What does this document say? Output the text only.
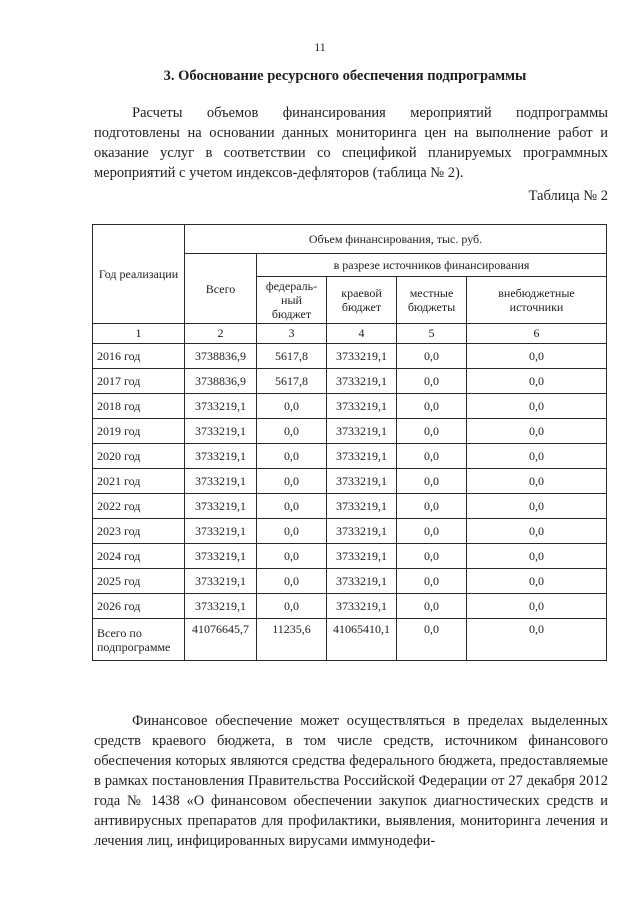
11
3. Обоснование ресурсного обеспечения подпрограммы

Расчеты объемов финансирования мероприятий подпрограммы подготовлены на основании данных мониторинга цен на выполнение работ и оказание услуг в соответствии со спецификой планируемых программных мероприятий с учетом индексов-дефляторов (таблица № 2).

Таблица № 2
Год реализации	Объем финансирования, тыс. руб.				
	Всего	в разрезе источников финансирования			
		федераль-ный бюджет	краевой бюджет	местные бюджеты	внебюджетные источники
1	2	3	4	5	6
2016 год	3738836,9	5617,8	3733219,1	0,0	0,0
2017 год	3738836,9	5617,8	3733219,1	0,0	0,0
2018 год	3733219,1	0,0	3733219,1	0,0	0,0
2019 год	3733219,1	0,0	3733219,1	0,0	0,0
2020 год	3733219,1	0,0	3733219,1	0,0	0,0
2021 год	3733219,1	0,0	3733219,1	0,0	0,0
2022 год	3733219,1	0,0	3733219,1	0,0	0,0
2023 год	3733219,1	0,0	3733219,1	0,0	0,0
2024 год	3733219,1	0,0	3733219,1	0,0	0,0
2025 год	3733219,1	0,0	3733219,1	0,0	0,0
2026 год	3733219,1	0,0	3733219,1	0,0	0,0
Всего по подпрограмме	41076645,7	11235,6	41065410,1	0,0	0,0

Финансовое обеспечение может осуществляться в пределах выделенных средств краевого бюджета, в том числе средств, источником финансового обеспечения которых являются средства федерального бюджета, предоставляемые в рамках постановления Правительства Российской Федерации от 27 декабря 2012 года № 1438 «О финансовом обеспечении закупок диагностических средств и антивирусных препаратов для профилактики, выявления, мониторинга лечения и лечения лиц, инфицированных вирусами иммунодефи-
